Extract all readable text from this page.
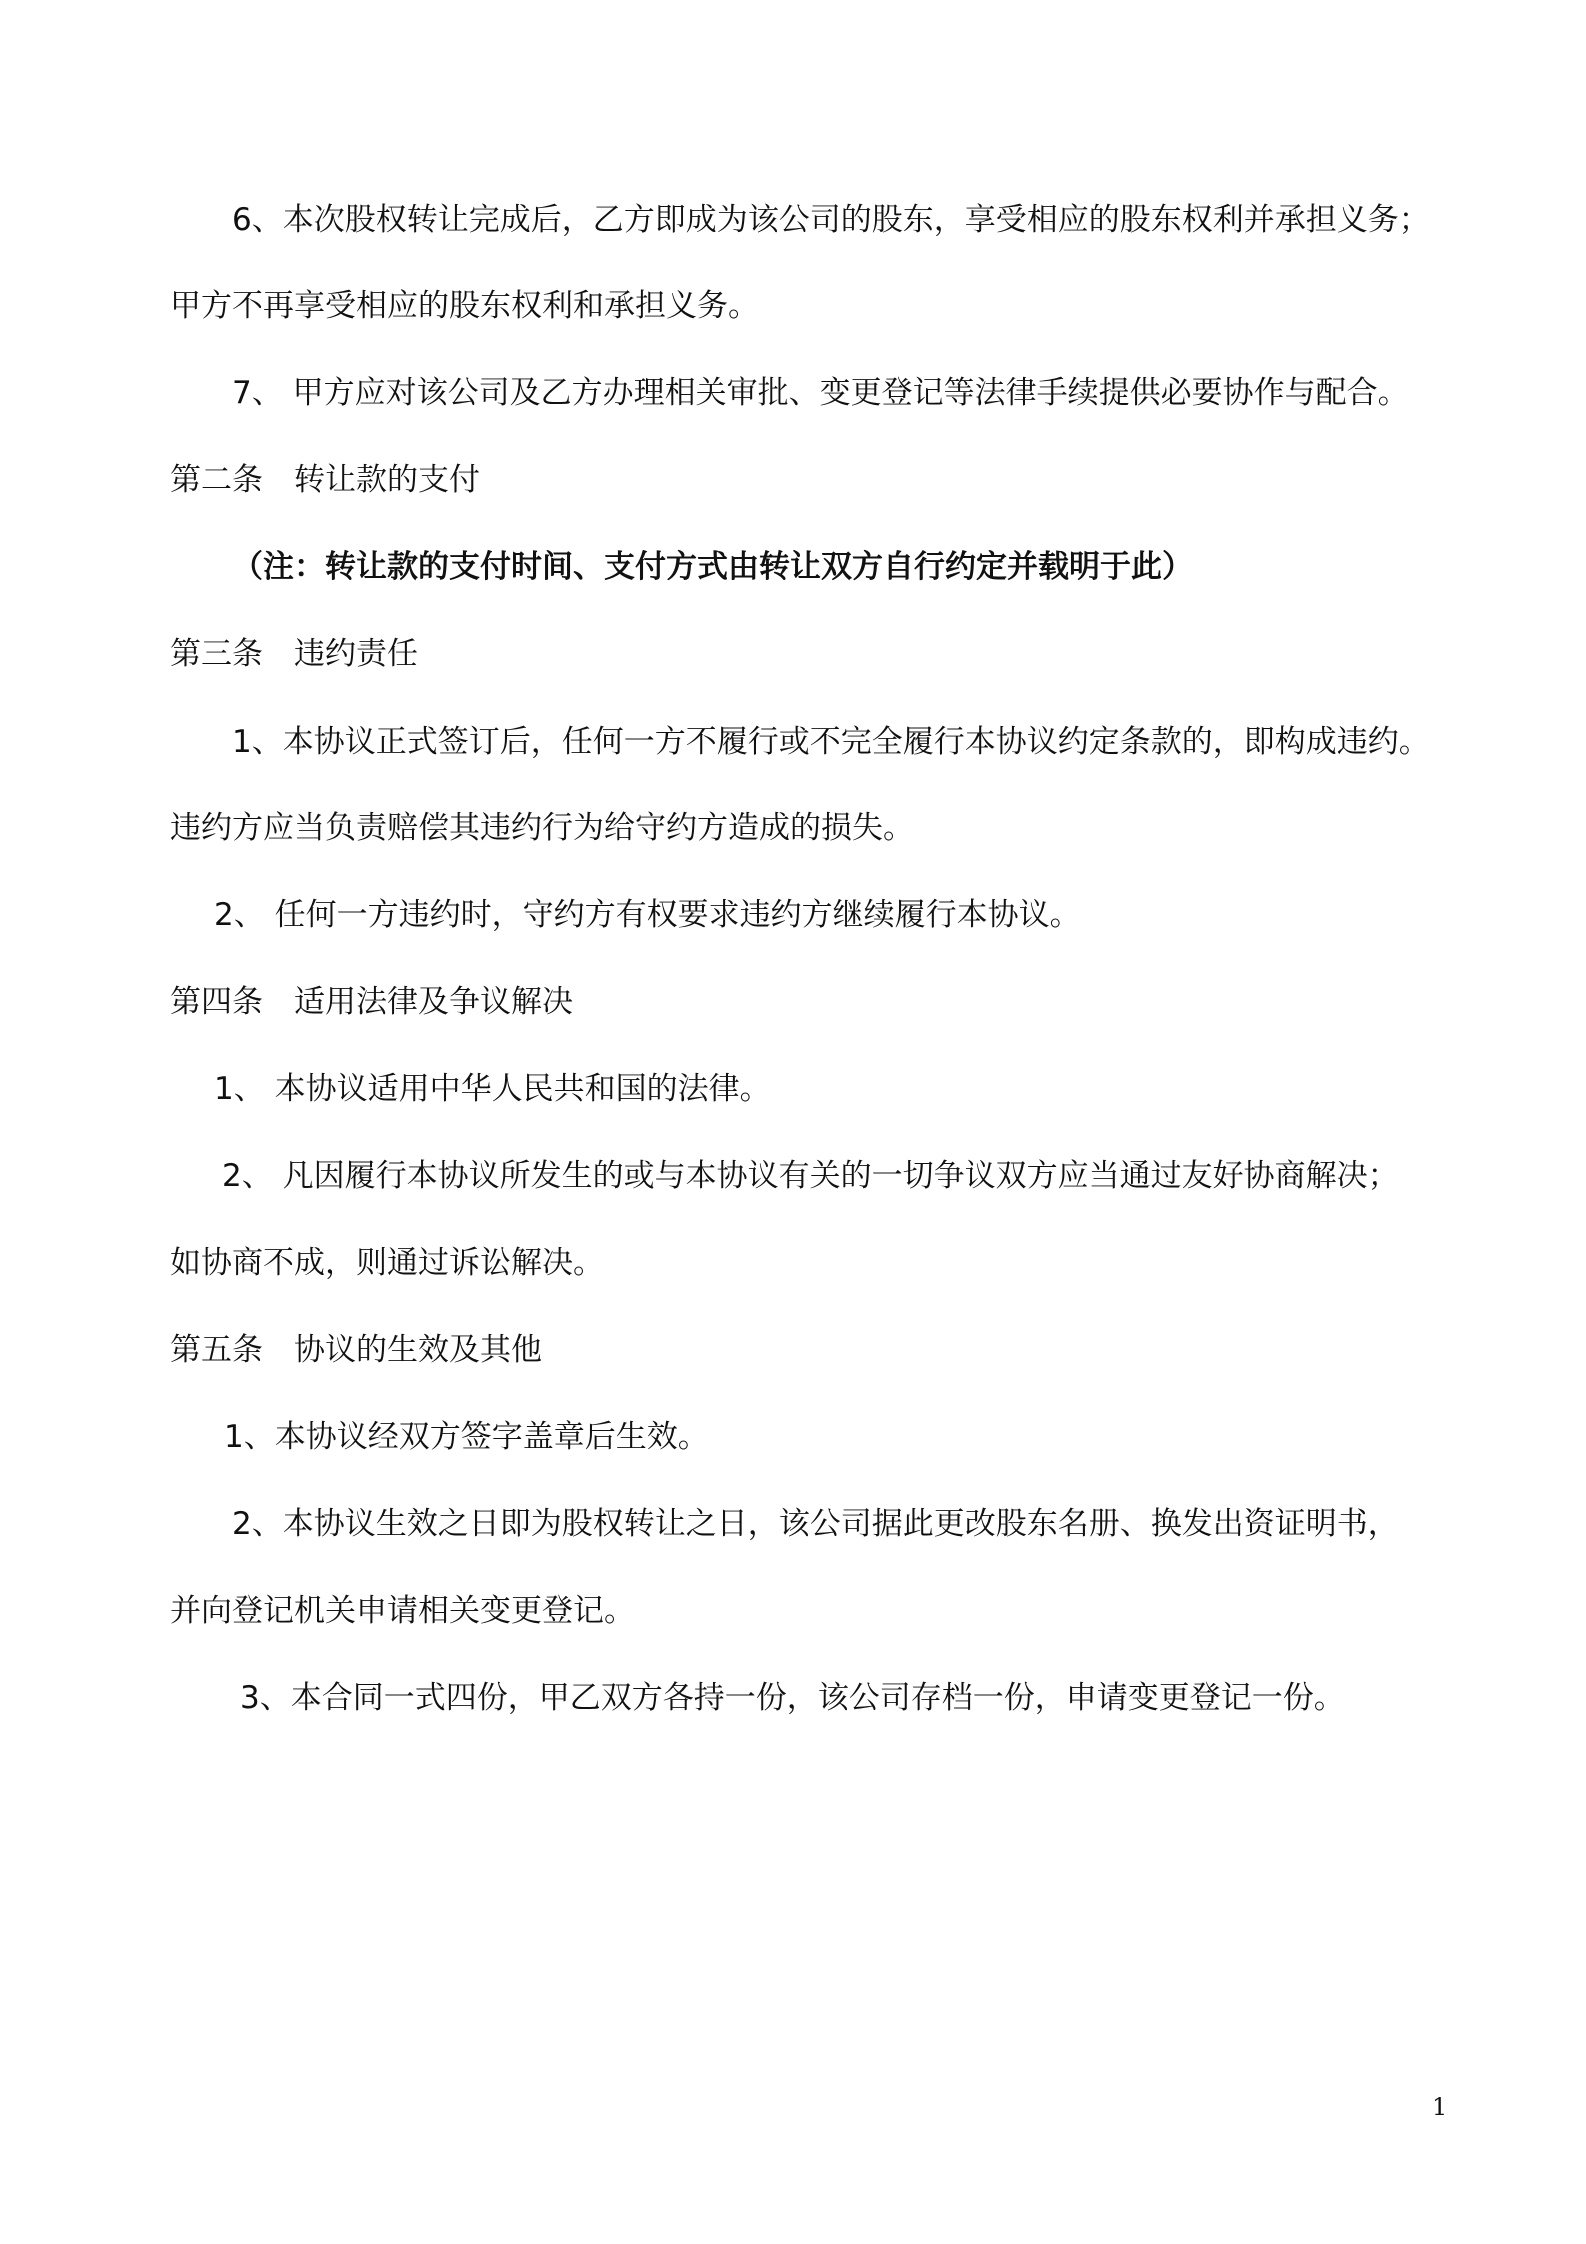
6、本次股权转让完成后，乙方即成为该公司的股东，享受相应的股东权利并承担义务；
甲方不再享受相应的股东权利和承担义务。
7、 甲方应对该公司及乙方办理相关审批、变更登记等法律手续提供必要协作与配合。
第二条　转让款的支付
（注：转让款的支付时间、支付方式由转让双方自行约定并载明于此）
第三条　违约责任
1、本协议正式签订后，任何一方不履行或不完全履行本协议约定条款的，即构成违约。
违约方应当负责赔偿其违约行为给守约方造成的损失。
2、 任何一方违约时，守约方有权要求违约方继续履行本协议。
第四条　适用法律及争议解决
1、 本协议适用中华人民共和国的法律。
2、 凡因履行本协议所发生的或与本协议有关的一切争议双方应当通过友好协商解决；
如协商不成，则通过诉讼解决。
第五条　协议的生效及其他
1、本协议经双方签字盖章后生效。
2、本协议生效之日即为股权转让之日，该公司据此更改股东名册、换发出资证明书，
并向登记机关申请相关变更登记。
3、本合同一式四份，甲乙双方各持一份，该公司存档一份，申请变更登记一份。
1
